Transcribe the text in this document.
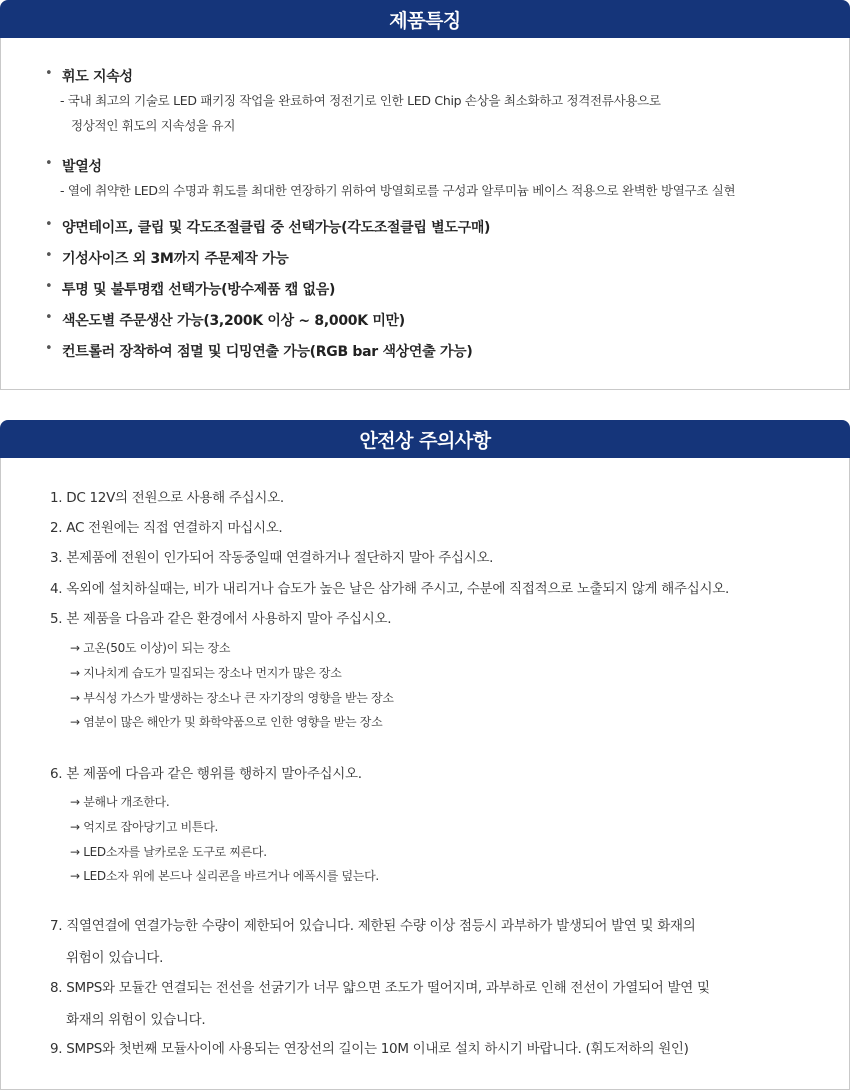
제품특징
• 휘도 지속성
- 국내 최고의 기술로 LED 패키징 작업을 완료하여 정전기로 인한 LED Chip 손상을 최소화하고 정격전류사용으로
정상적인 휘도의 지속성을 유지
• 발열성
- 열에 취약한 LED의 수명과 휘도를 최대한 연장하기 위하여 방열회로를 구성과 알루미늄 베이스 적용으로 완벽한 방열구조 실현
• 양면테이프, 클립 및 각도조절클립 중 선택가능(각도조절클립 별도구매)
• 기성사이즈 외 3M까지 주문제작 가능
• 투명 및 불투명캡 선택가능(방수제품 캡 없음)
• 색온도별 주문생산 가능(3,200K 이상 ~ 8,000K 미만)
• 컨트롤러 장착하여 점멸 및 디밍연출 가능(RGB bar 색상연출 가능)
안전상 주의사항
1. DC 12V의 전원으로 사용해 주십시오.
2. AC 전원에는 직접 연결하지 마십시오.
3. 본제품에 전원이 인가되어 작동중일때 연결하거나 절단하지 말아 주십시오.
4. 옥외에 설치하실때는, 비가 내리거나 습도가 높은 날은 삼가해 주시고, 수분에 직접적으로 노출되지 않게 해주십시오.
5. 본 제품을 다음과 같은 환경에서 사용하지 말아 주십시오.
→ 고온(50도 이상)이 되는 장소
→ 지나치게 습도가 밀집되는 장소나 먼지가 많은 장소
→ 부식성 가스가 발생하는 장소나 큰 자기장의 영향을 받는 장소
→ 염분이 많은 해안가 및 화학약품으로 인한 영향을 받는 장소
6. 본 제품에 다음과 같은 행위를 행하지 말아주십시오.
→ 분해나 개조한다.
→ 억지로 잡아당기고 비튼다.
→ LED소자를 날카로운 도구로 찌른다.
→ LED소자 위에 본드나 실리콘을 바르거나 에폭시를 덮는다.
7. 직열연결에 연결가능한 수량이 제한되어 있습니다. 제한된 수량 이상 점등시 과부하가 발생되어 발연 및 화재의
위험이 있습니다.
8. SMPS와 모듈간 연결되는 전선을 선굵기가 너무 얇으면 조도가 떨어지며, 과부하로 인해 전선이 가열되어 발연 및
화재의 위험이 있습니다.
9. SMPS와 첫번째 모듈사이에 사용되는 연장선의 길이는 10M 이내로 설치 하시기 바랍니다. (휘도저하의 원인)
